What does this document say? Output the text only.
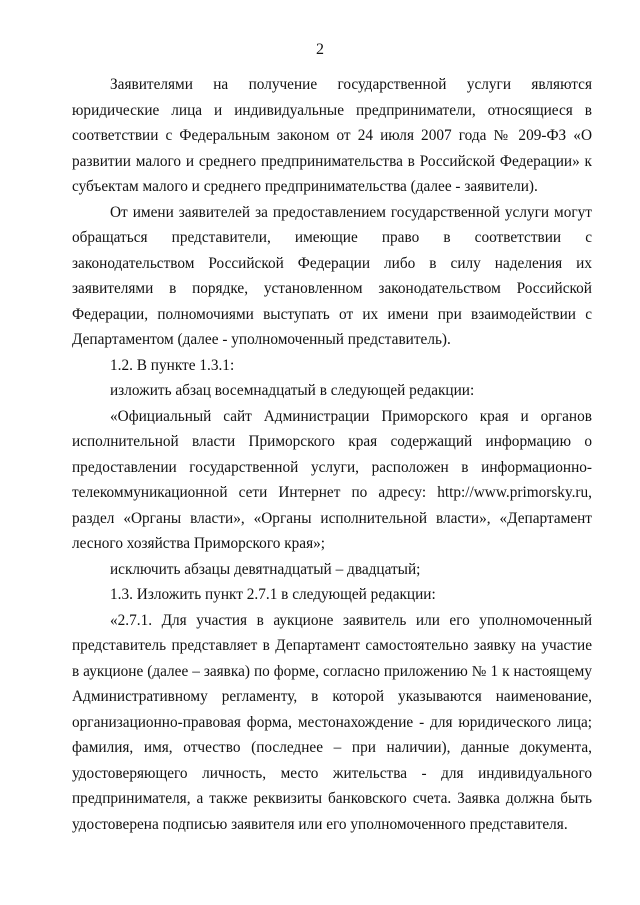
2

Заявителями на получение государственной услуги являются юридические лица и индивидуальные предприниматели, относящиеся в соответствии с Федеральным законом от 24 июля 2007 года № 209-ФЗ «О развитии малого и среднего предпринимательства в Российской Федерации» к субъектам малого и среднего предпринимательства (далее - заявители).

От имени заявителей за предоставлением государственной услуги могут обращаться представители, имеющие право в соответствии с законодательством Российской Федерации либо в силу наделения их заявителями в порядке, установленном законодательством Российской Федерации, полномочиями выступать от их имени при взаимодействии с Департаментом (далее - уполномоченный представитель).

1.2. В пункте 1.3.1:

изложить абзац восемнадцатый в следующей редакции:

«Официальный сайт Администрации Приморского края и органов исполнительной власти Приморского края содержащий информацию о предоставлении государственной услуги, расположен в информационно-телекоммуникационной сети Интернет по адресу: http://www.primorsky.ru, раздел «Органы власти», «Органы исполнительной власти», «Департамент лесного хозяйства Приморского края»;

исключить абзацы девятнадцатый – двадцатый;

1.3. Изложить пункт 2.7.1 в следующей редакции:

«2.7.1. Для участия в аукционе заявитель или его уполномоченный представитель представляет в Департамент самостоятельно заявку на участие в аукционе (далее – заявка) по форме, согласно приложению № 1 к настоящему Административному регламенту, в которой указываются наименование, организационно-правовая форма, местонахождение - для юридического лица; фамилия, имя, отчество (последнее – при наличии), данные документа, удостоверяющего личность, место жительства - для индивидуального предпринимателя, а также реквизиты банковского счета. Заявка должна быть удостоверена подписью заявителя или его уполномоченного представителя.
